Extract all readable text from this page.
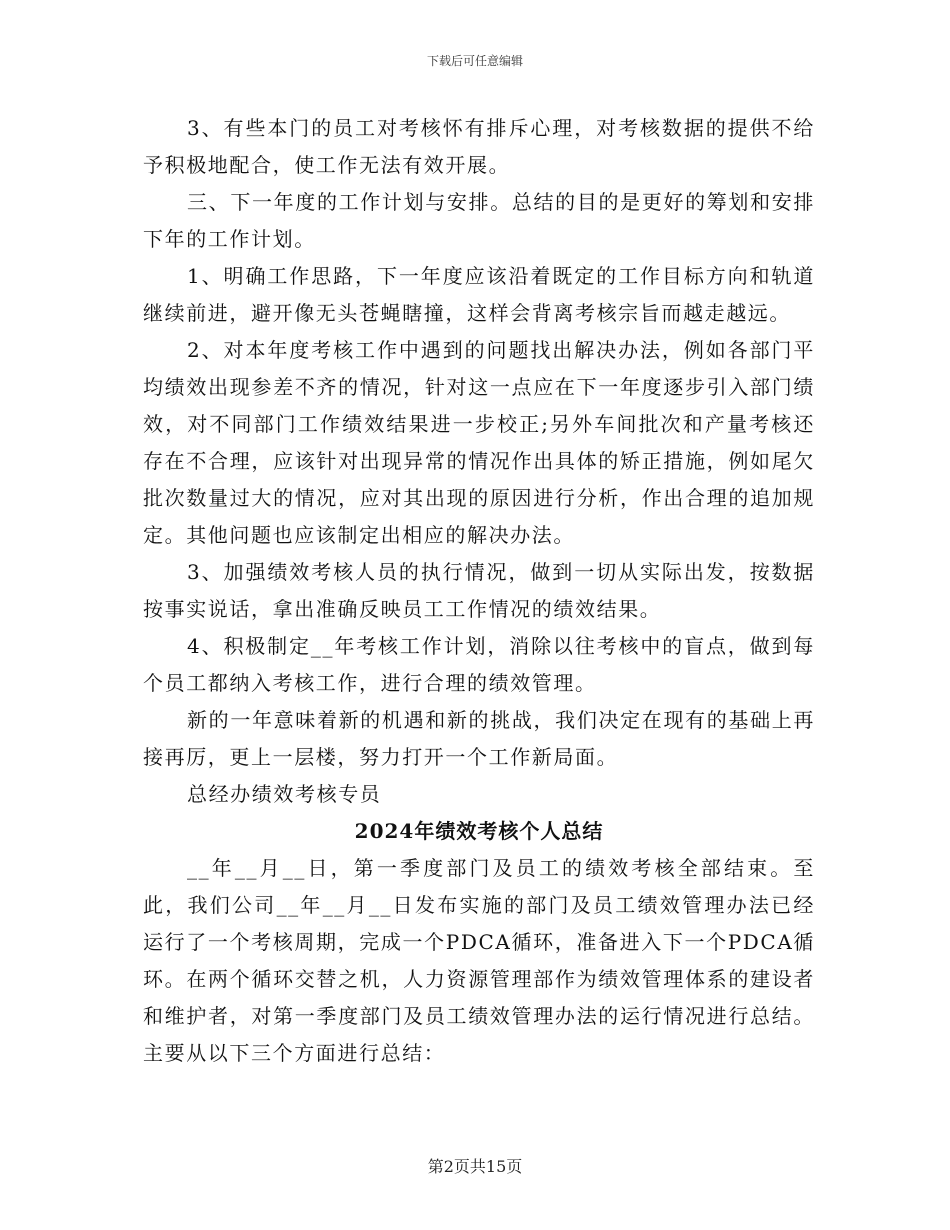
下载后可任意编辑

3、有些本门的员工对考核怀有排斥心理，对考核数据的提供不给予积极地配合，使工作无法有效开展。

三、下一年度的工作计划与安排。总结的目的是更好的筹划和安排下年的工作计划。

1、明确工作思路，下一年度应该沿着既定的工作目标方向和轨道继续前进，避开像无头苍蝇瞎撞，这样会背离考核宗旨而越走越远。

2、对本年度考核工作中遇到的问题找出解决办法，例如各部门平均绩效出现参差不齐的情况，针对这一点应在下一年度逐步引入部门绩效，对不同部门工作绩效结果进一步校正;另外车间批次和产量考核还存在不合理，应该针对出现异常的情况作出具体的矫正措施，例如尾欠批次数量过大的情况，应对其出现的原因进行分析，作出合理的追加规定。其他问题也应该制定出相应的解决办法。

3、加强绩效考核人员的执行情况，做到一切从实际出发，按数据按事实说话，拿出准确反映员工工作情况的绩效结果。

4、积极制定__年考核工作计划，消除以往考核中的盲点，做到每个员工都纳入考核工作，进行合理的绩效管理。

新的一年意味着新的机遇和新的挑战，我们决定在现有的基础上再接再厉，更上一层楼，努力打开一个工作新局面。

总经办绩效考核专员

2024年绩效考核个人总结

__年__月__日，第一季度部门及员工的绩效考核全部结束。至此，我们公司__年__月__日发布实施的部门及员工绩效管理办法已经运行了一个考核周期，完成一个PDCA循环，准备进入下一个PDCA循环。在两个循环交替之机，人力资源管理部作为绩效管理体系的建设者和维护者，对第一季度部门及员工绩效管理办法的运行情况进行总结。主要从以下三个方面进行总结：

第2页共15页
